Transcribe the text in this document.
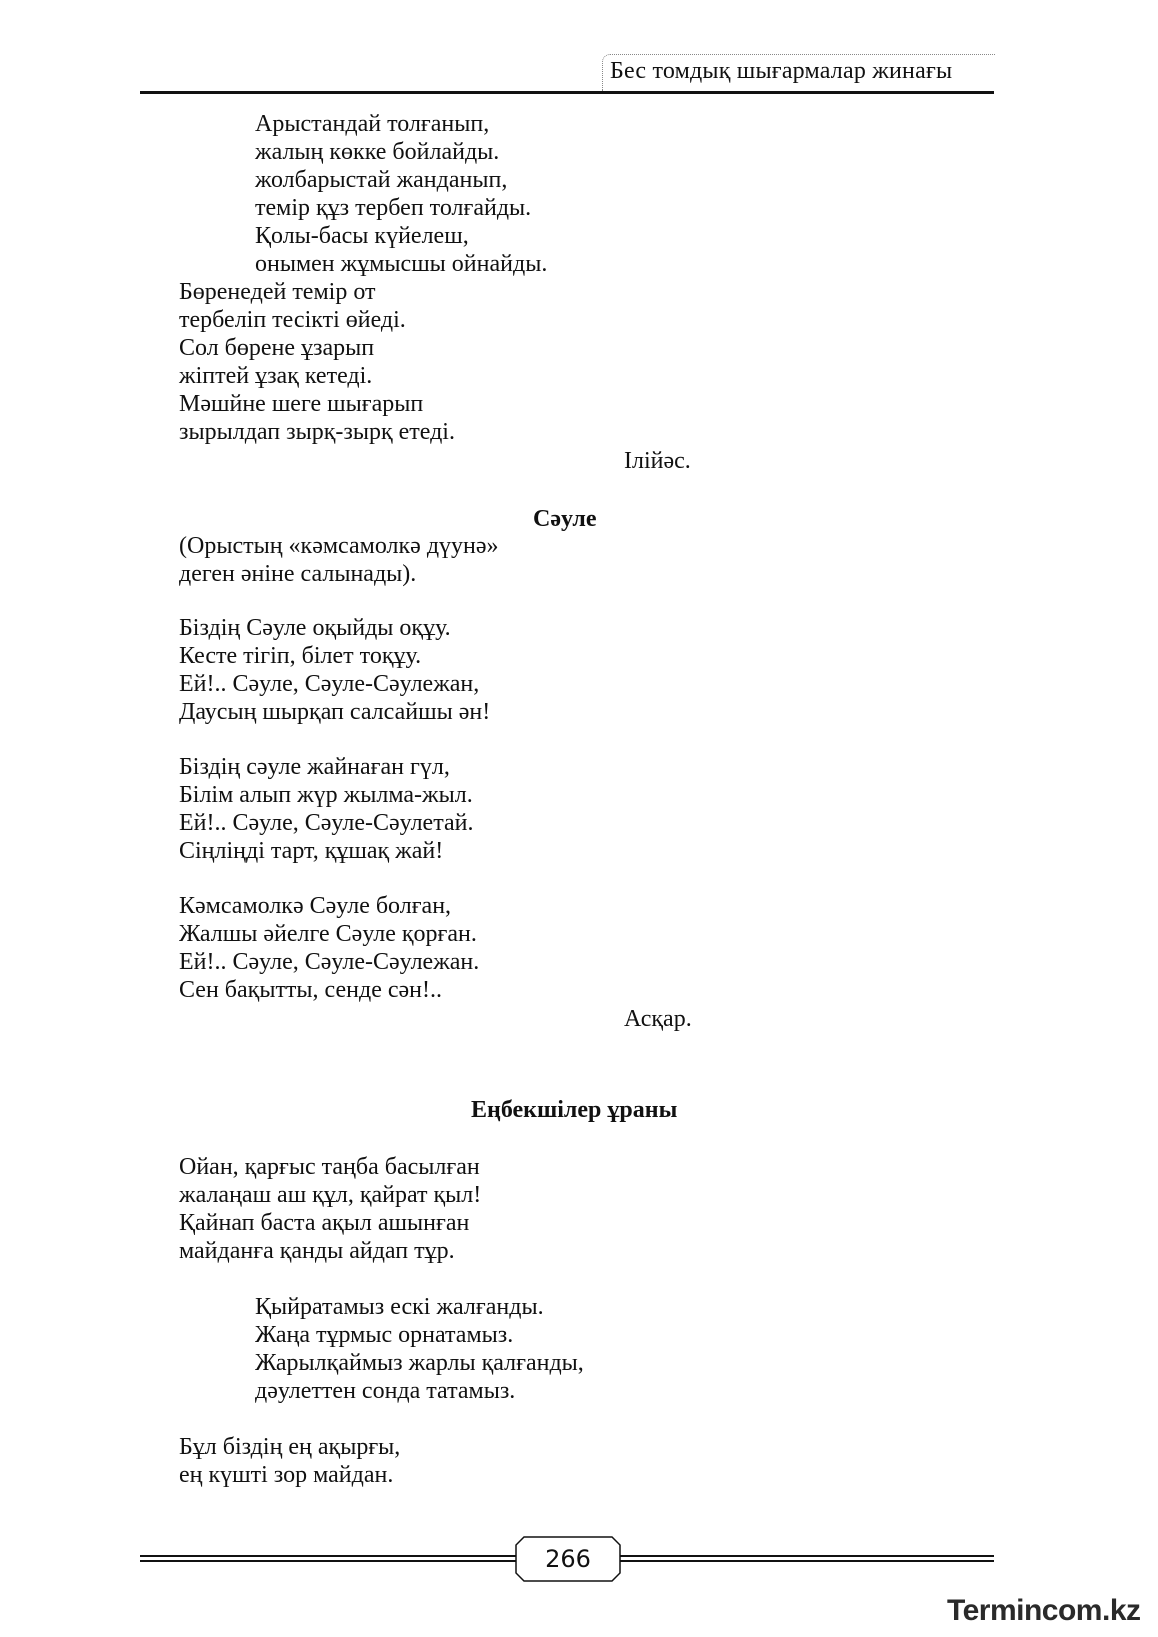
Бес томдық шығармалар жинағы
Арыстандай толғанып,
жалың көкке бойлайды.
жолбарыстай жанданып,
темір құз тербеп толғайды.
Қолы-басы күйелеш,
онымен жұмысшы ойнайды.
Бөренедей темір от
тербеліп тесікті өйеді.
Сол бөрене ұзарып
жіптей ұзақ кетеді.
Мәшйне шеге шығарып
зырылдап зырқ-зырқ етеді.
Ілійәс.
Сәуле
(Орыстың «кәмсамолкә дүунә»
деген әніне салынады).
Біздің Сәуле оқыйды оқұу.
Кесте тігіп, білет тоқұу.
Ей!.. Сәуле, Сәуле-Сәулежан,
Даусың шырқап салсайшы ән!
Біздің сәуле жайнаған гүл,
Білім алып жүр жылма-жыл.
Ей!.. Сәуле, Сәуле-Сәулетай.
Сіңліңді тарт, құшақ жай!
Кәмсамолкә Сәуле болған,
Жалшы әйелге Сәуле қорған.
Ей!.. Сәуле, Сәуле-Сәулежан.
Сен бақытты, сенде сән!..
Асқар.
Еңбекшілер ұраны
Ойан, қарғыс таңба басылған
жалаңаш аш құл, қайрат қыл!
Қайнап баста ақыл ашынған
майданға қанды айдап тұр.
Қыйратамыз ескі жалғанды.
Жаңа тұрмыс орнатамыз.
Жарылқаймыз жарлы қалғанды,
дәулеттен сонда татамыз.
Бұл біздің ең ақырғы,
ең күшті зор майдан.
266
Termincom.kz
